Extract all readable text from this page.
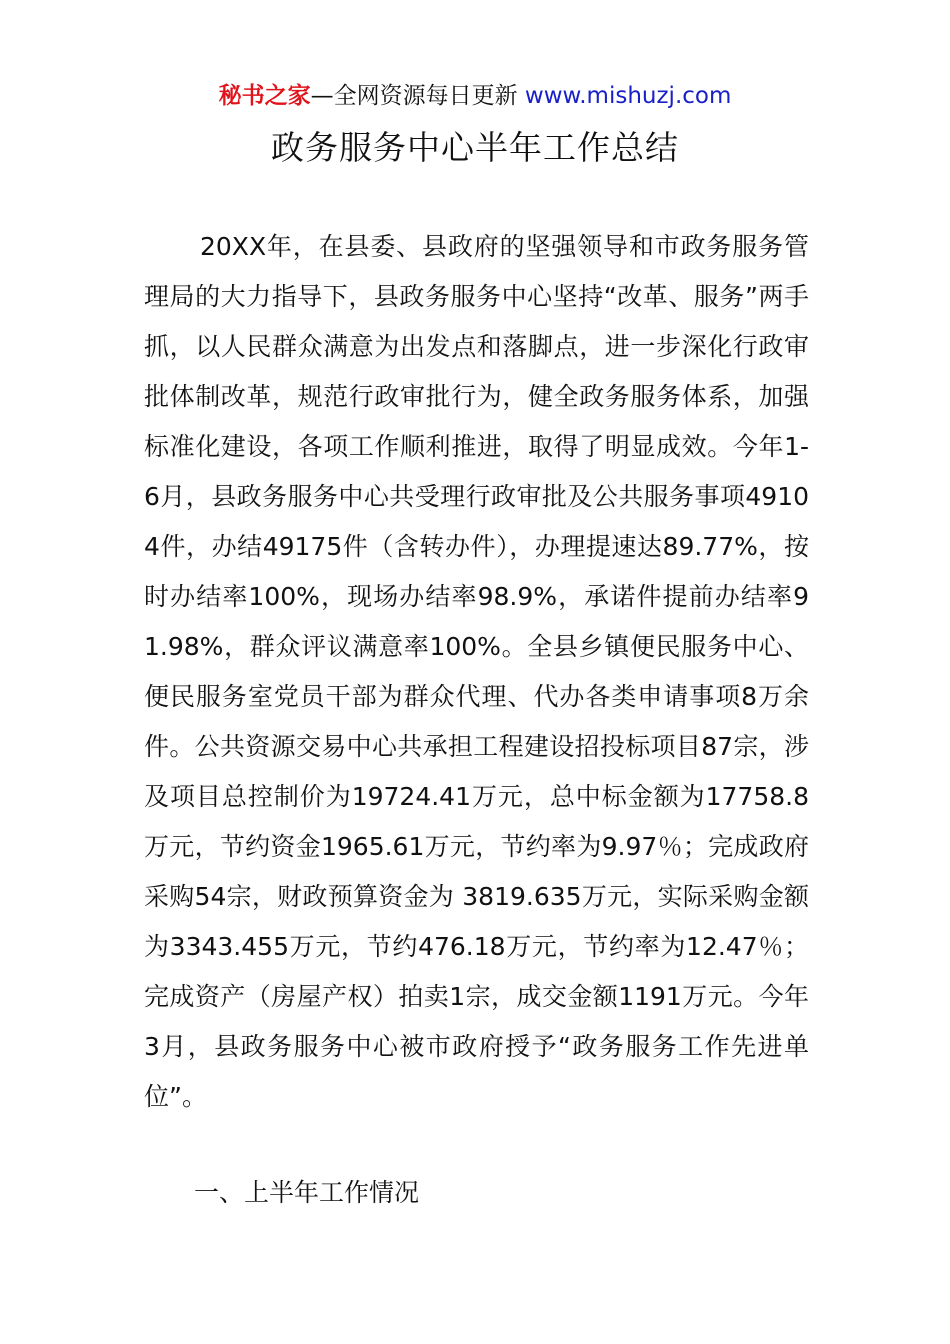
秘书之家—全网资源每日更新 www.mishuzj.com
政务服务中心半年工作总结

20XX年，在县委、县政府的坚强领导和市政务服务管理局的大力指导下，县政务服务中心坚持“改革、服务”两手抓，以人民群众满意为出发点和落脚点，进一步深化行政审批体制改革，规范行政审批行为，健全政务服务体系，加强标准化建设，各项工作顺利推进，取得了明显成效。今年1-6月，县政务服务中心共受理行政审批及公共服务事项49104件，办结49175件（含转办件），办理提速达89.77%，按时办结率100%，现场办结率98.9%，承诺件提前办结率91.98%，群众评议满意率100%。全县乡镇便民服务中心、便民服务室党员干部为群众代理、代办各类申请事项8万余件。公共资源交易中心共承担工程建设招投标项目87宗，涉及项目总控制价为19724.41万元，总中标金额为17758.8万元，节约资金1965.61万元，节约率为9.97％；完成政府采购54宗，财政预算资金为 3819.635万元，实际采购金额为3343.455万元，节约476.18万元，节约率为12.47％；完成资产（房屋产权）拍卖1宗，成交金额1191万元。今年3月，县政务服务中心被市政府授予“政务服务工作先进单位”。

一、上半年工作情况
